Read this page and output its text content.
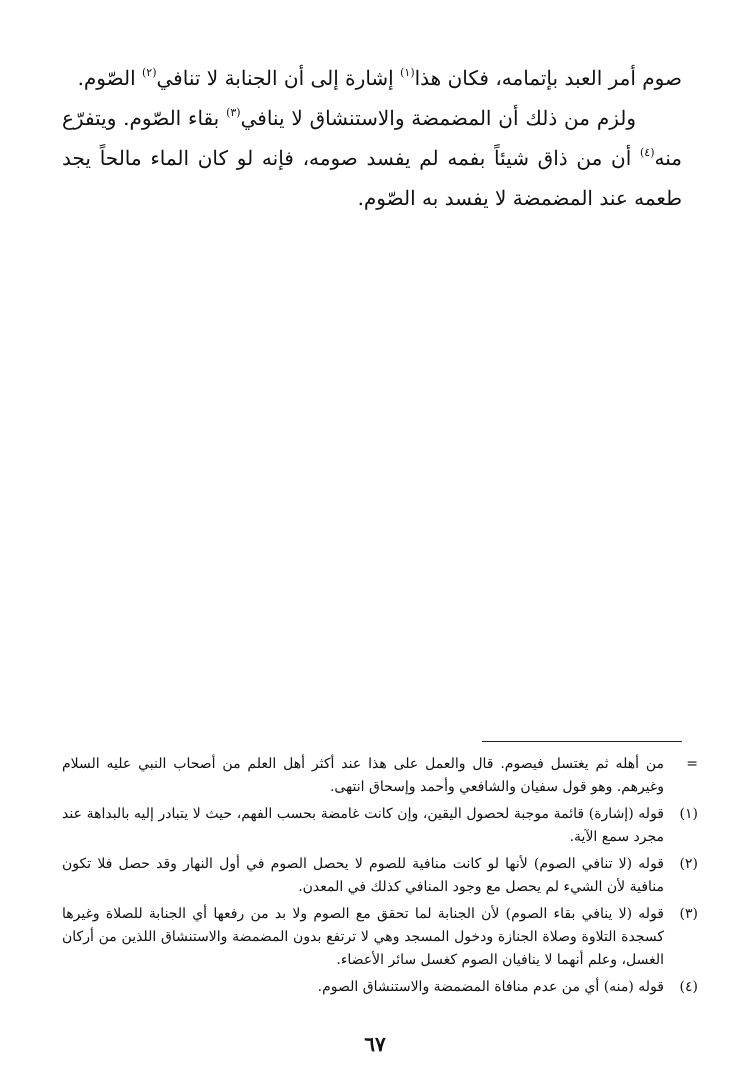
صوم أمر العبد بإتمامه، فكان هذا$^{(١)}$ إشارة إلى أن الجنابة لا تنافي$^{(٢)}$ الصّوم.

ولزم من ذلك أن المضمضة والاستنشاق لا ينافي$^{(٣)}$ بقاء الصّوم. ويتفرّع منه$^{(٤)}$ أن من ذاق شيئاً بفمه لم يفسد صومه، فإنه لو كان الماء مالحاً يجد طعمه عند المضمضة لا يفسد به الصّوم.

=
من أهله ثم يغتسل فيصوم. قال والعمل على هذا عند أكثر أهل العلم من أصحاب النبي عليه السلام وغيرهم. وهو قول سفيان والشافعي وأحمد وإسحاق انتهى.
(١)
قوله (إشارة) قائمة موجبة لحصول اليقين، وإن كانت غامضة بحسب الفهم، حيث لا يتبادر إليه بالبداهة عند مجرد سمع الآية.
(٢)
قوله (لا تنافي الصوم) لأنها لو كانت منافية للصوم لا يحصل الصوم في أول النهار وقد حصل فلا تكون منافية لأن الشيء لم يحصل مع وجود المنافي كذلك في المعدن.
(٣)
قوله (لا ينافي بقاء الصوم) لأن الجنابة لما تحقق مع الصوم ولا بد من رفعها أي الجنابة للصلاة وغيرها كسجدة التلاوة وصلاة الجنازة ودخول المسجد وهي لا ترتفع بدون المضمضة والاستنشاق اللذين من أركان الغسل، وعلم أنهما لا ينافيان الصوم كغسل سائر الأعضاء.
(٤)
قوله (منه) أي من عدم منافاة المضمضة والاستنشاق الصوم.
٦٧
